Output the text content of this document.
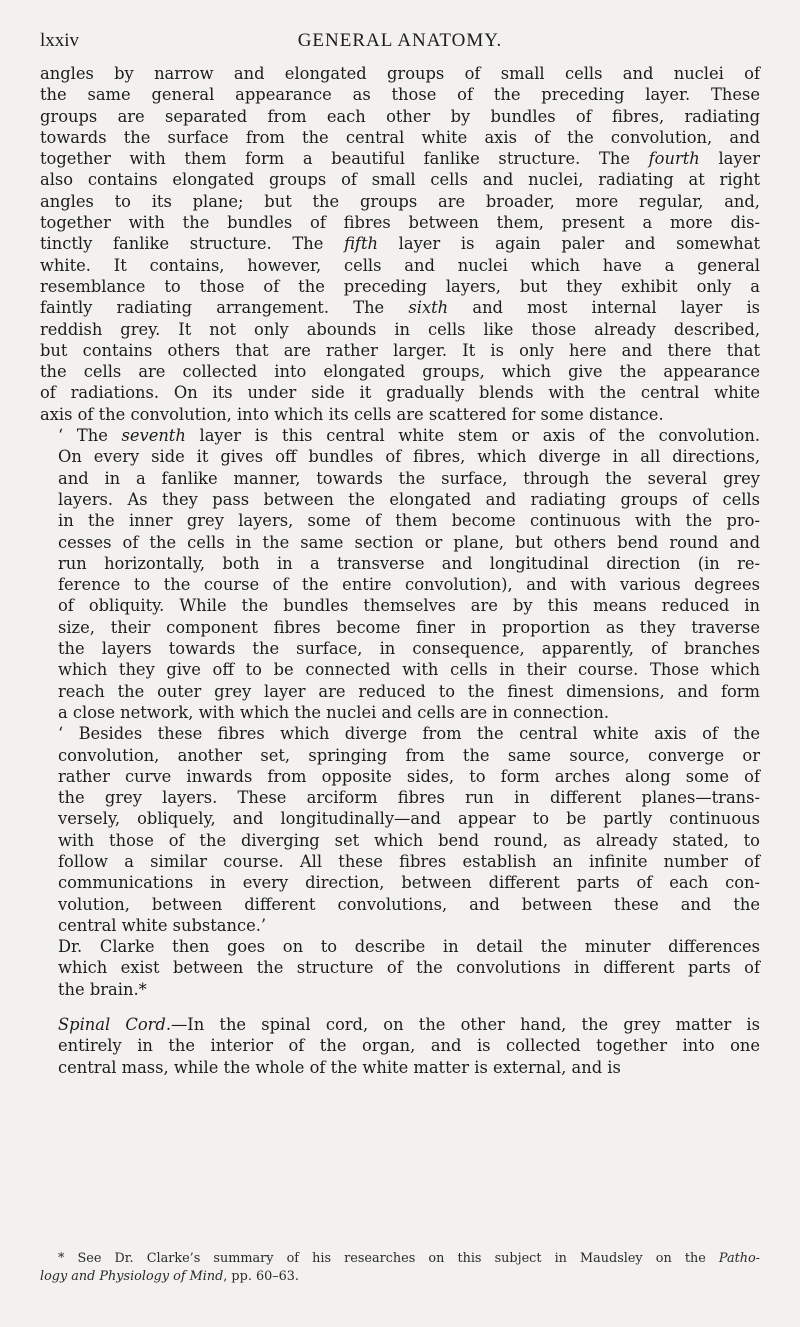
lxxiv	GENERAL ANATOMY.

angles by narrow and elongated groups of small cells and nuclei of
the same general appearance as those of the preceding layer. These
groups are separated from each other by bundles of fibres, radiating
towards the surface from the central white axis of the convolution, and
together with them form a beautiful fanlike structure. The fourth layer
also contains elongated groups of small cells and nuclei, radiating at right
angles to its plane; but the groups are broader, more regular, and,
together with the bundles of fibres between them, present a more dis-
tinctly fanlike structure. The fifth layer is again paler and somewhat
white. It contains, however, cells and nuclei which have a general
resemblance to those of the preceding layers, but they exhibit only a
faintly radiating arrangement. The sixth and most internal layer is
reddish grey. It not only abounds in cells like those already described,
but contains others that are rather larger. It is only here and there that
the cells are collected into elongated groups, which give the appearance
of radiations. On its under side it gradually blends with the central white
axis of the convolution, into which its cells are scattered for some distance.

‘ The seventh layer is this central white stem or axis of the convolution.
On every side it gives off bundles of fibres, which diverge in all directions,
and in a fanlike manner, towards the surface, through the several grey
layers. As they pass between the elongated and radiating groups of cells
in the inner grey layers, some of them become continuous with the pro-
cesses of the cells in the same section or plane, but others bend round and
run horizontally, both in a transverse and longitudinal direction (in re-
ference to the course of the entire convolution), and with various degrees
of obliquity. While the bundles themselves are by this means reduced in
size, their component fibres become finer in proportion as they traverse
the layers towards the surface, in consequence, apparently, of branches
which they give off to be connected with cells in their course. Those which
reach the outer grey layer are reduced to the finest dimensions, and form
a close network, with which the nuclei and cells are in connection.

‘ Besides these fibres which diverge from the central white axis of the
convolution, another set, springing from the same source, converge or
rather curve inwards from opposite sides, to form arches along some of
the grey layers. These arciform fibres run in different planes—trans-
versely, obliquely, and longitudinally—and appear to be partly continuous
with those of the diverging set which bend round, as already stated, to
follow a similar course. All these fibres establish an infinite number of
communications in every direction, between different parts of each con-
volution, between different convolutions, and between these and the
central white substance.’

Dr. Clarke then goes on to describe in detail the minuter differences
which exist between the structure of the convolutions in different parts of
the brain.*

Spinal Cord.—In the spinal cord, on the other hand, the grey matter is
entirely in the interior of the organ, and is collected together into one
central mass, while the whole of the white matter is external, and is

* See Dr. Clarke’s summary of his researches on this subject in Maudsley on the Patho-
logy and Physiology of Mind, pp. 60–63.
